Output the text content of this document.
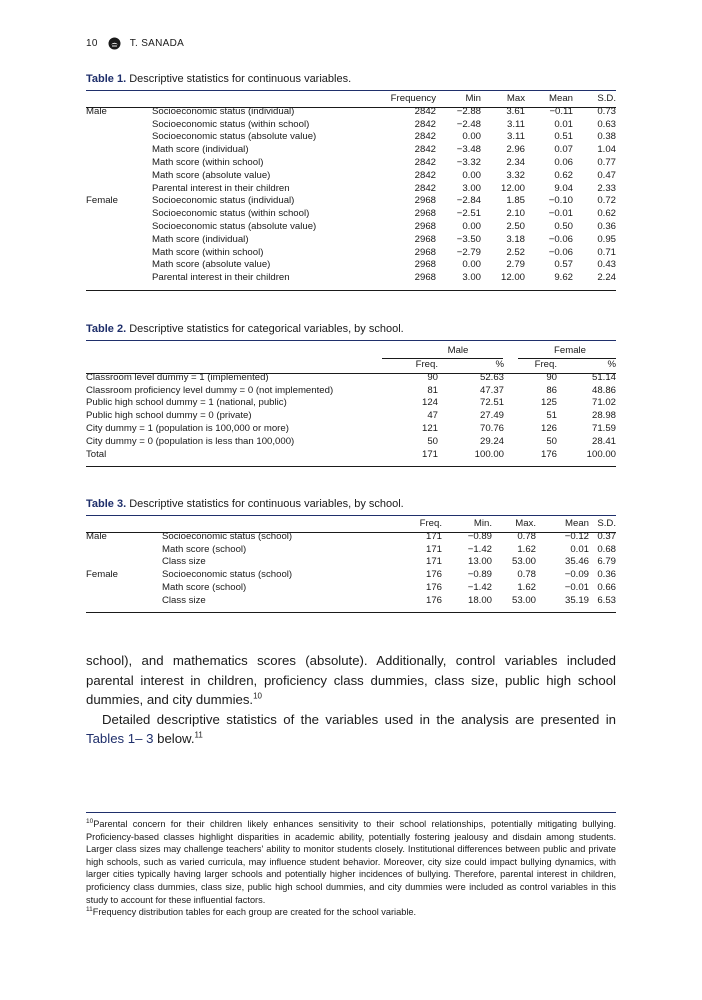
10	T. SANADA
Table 1. Descriptive statistics for continuous variables.
		Frequency	Min	Max	Mean	S.D.
Male	Socioeconomic status (individual)	2842	−2.88	3.61	−0.11	0.73
	Socioeconomic status (within school)	2842	−2.48	3.11	0.01	0.63
	Socioeconomic status (absolute value)	2842	0.00	3.11	0.51	0.38
	Math score (individual)	2842	−3.48	2.96	0.07	1.04
	Math score (within school)	2842	−3.32	2.34	0.06	0.77
	Math score (absolute value)	2842	0.00	3.32	0.62	0.47
	Parental interest in their children	2842	3.00	12.00	9.04	2.33
Female	Socioeconomic status (individual)	2968	−2.84	1.85	−0.10	0.72
	Socioeconomic status (within school)	2968	−2.51	2.10	−0.01	0.62
	Socioeconomic status (absolute value)	2968	0.00	2.50	0.50	0.36
	Math score (individual)	2968	−3.50	3.18	−0.06	0.95
	Math score (within school)	2968	−2.79	2.52	−0.06	0.71
	Math score (absolute value)	2968	0.00	2.79	0.57	0.43
	Parental interest in their children	2968	3.00	12.00	9.62	2.24
Table 2. Descriptive statistics for categorical variables, by school.
	Male		Female	
	Freq.	%	Freq.	%
Classroom level dummy = 1 (implemented)	90	52.63	90	51.14
Classroom proficiency level dummy = 0 (not implemented)	81	47.37	86	48.86
Public high school dummy = 1 (national, public)	124	72.51	125	71.02
Public high school dummy = 0 (private)	47	27.49	51	28.98
City dummy = 1 (population is 100,000 or more)	121	70.76	126	71.59
City dummy = 0 (population is less than 100,000)	50	29.24	50	28.41
Total	171	100.00	176	100.00
Table 3. Descriptive statistics for continuous variables, by school.
		Freq.	Min.	Max.	Mean	S.D.
Male	Socioeconomic status (school)	171	−0.89	0.78	−0.12	0.37
	Math score (school)	171	−1.42	1.62	0.01	0.68
	Class size	171	13.00	53.00	35.46	6.79
Female	Socioeconomic status (school)	176	−0.89	0.78	−0.09	0.36
	Math score (school)	176	−1.42	1.62	−0.01	0.66
	Class size	176	18.00	53.00	35.19	6.53

school), and mathematics scores (absolute). Additionally, control variables included parental interest in children, proficiency class dummies, class size, public high school dummies, and city dummies.$^{10}$

Detailed descriptive statistics of the variables used in the analysis are presented in Tables 1– 3 below.$^{11}$

$^{10}$Parental concern for their children likely enhances sensitivity to their school relationships, potentially mitigating bullying. Proficiency-based classes highlight disparities in academic ability, potentially fostering jealousy and disdain among students. Larger class sizes may challenge teachers' ability to monitor students closely. Institutional differences between public and private high schools, such as varied curricula, may influence student behavior. Moreover, city size could impact bullying dynamics, with larger cities typically having larger schools and potentially higher incidences of bullying. Therefore, parental interest in children, proficiency class dummies, class size, public high school dummies, and city dummies were included as control variables in this study to account for these influential factors.

$^{11}$Frequency distribution tables for each group are created for the school variable.
